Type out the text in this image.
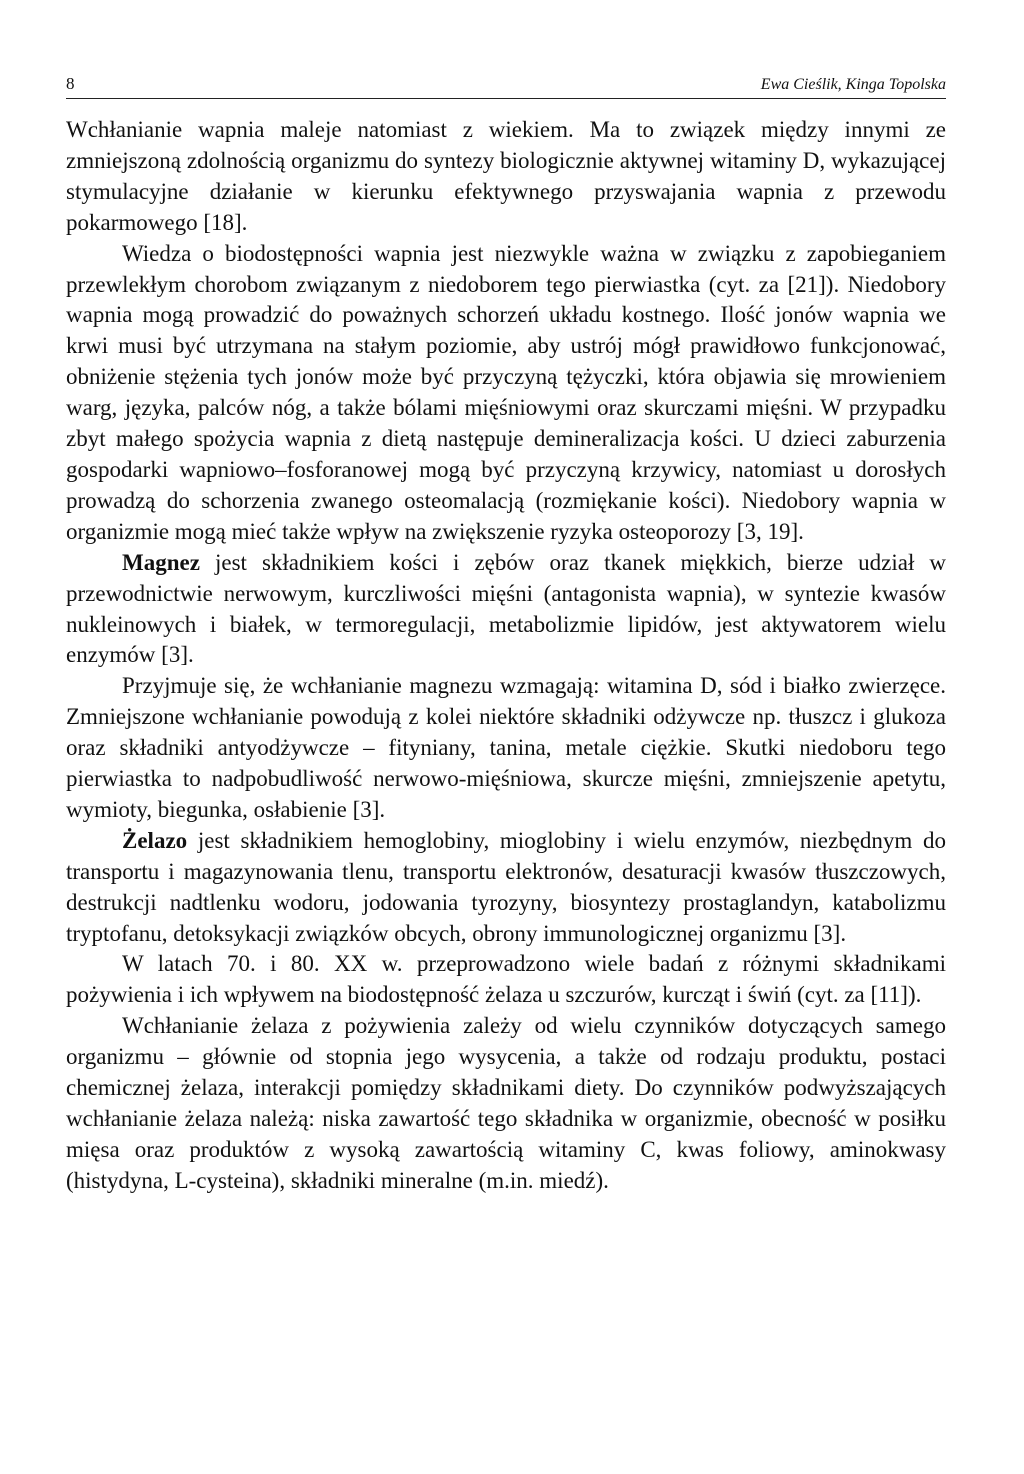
8	Ewa Cieślik, Kinga Topolska

Wchłanianie wapnia maleje natomiast z wiekiem. Ma to związek między innymi ze zmniejszoną zdolnością organizmu do syntezy biologicznie aktywnej witaminy D, wykazującej stymulacyjne działanie w kierunku efektywnego przyswajania wapnia z przewodu pokarmowego [18].

Wiedza o biodostępności wapnia jest niezwykle ważna w związku z zapobieganiem przewlekłym chorobom związanym z niedoborem tego pierwiastka (cyt. za [21]). Niedobory wapnia mogą prowadzić do poważnych schorzeń układu kostnego. Ilość jonów wapnia we krwi musi być utrzymana na stałym poziomie, aby ustrój mógł prawidłowo funkcjonować, obniżenie stężenia tych jonów może być przyczyną tężyczki, która objawia się mrowieniem warg, języka, palców nóg, a także bólami mięśniowymi oraz skurczami mięśni. W przypadku zbyt małego spożycia wapnia z dietą następuje demineralizacja kości. U dzieci zaburzenia gospodarki wapniowo–fosforanowej mogą być przyczyną krzywicy, natomiast u dorosłych prowadzą do schorzenia zwanego osteomalacją (rozmiękanie kości). Niedobory wapnia w organizmie mogą mieć także wpływ na zwiększenie ryzyka osteoporozy [3, 19].

Magnez jest składnikiem kości i zębów oraz tkanek miękkich, bierze udział w przewodnictwie nerwowym, kurczliwości mięśni (antagonista wapnia), w syntezie kwasów nukleinowych i białek, w termoregulacji, metabolizmie lipidów, jest aktywatorem wielu enzymów [3].

Przyjmuje się, że wchłanianie magnezu wzmagają: witamina D, sód i białko zwierzęce. Zmniejszone wchłanianie powodują z kolei niektóre składniki odżywcze np. tłuszcz i glukoza oraz składniki antyodżywcze – fityniany, tanina, metale ciężkie. Skutki niedoboru tego pierwiastka to nadpobudliwość nerwowo-mięśniowa, skurcze mięśni, zmniejszenie apetytu, wymioty, biegunka, osłabienie [3].

Żelazo jest składnikiem hemoglobiny, mioglobiny i wielu enzymów, niezbędnym do transportu i magazynowania tlenu, transportu elektronów, desaturacji kwasów tłuszczowych, destrukcji nadtlenku wodoru, jodowania tyrozyny, biosyntezy prostaglandyn, katabolizmu tryptofanu, detoksykacji związków obcych, obrony immunologicznej organizmu [3].

W latach 70. i 80. XX w. przeprowadzono wiele badań z różnymi składnikami pożywienia i ich wpływem na biodostępność żelaza u szczurów, kurcząt i świń (cyt. za [11]).

Wchłanianie żelaza z pożywienia zależy od wielu czynników dotyczących samego organizmu – głównie od stopnia jego wysycenia, a także od rodzaju produktu, postaci chemicznej żelaza, interakcji pomiędzy składnikami diety. Do czynników podwyższających wchłanianie żelaza należą: niska zawartość tego składnika w organizmie, obecność w posiłku mięsa oraz produktów z wysoką zawartością witaminy C, kwas foliowy, aminokwasy (histydyna, L-cysteina), składniki mineralne (m.in. miedź).
